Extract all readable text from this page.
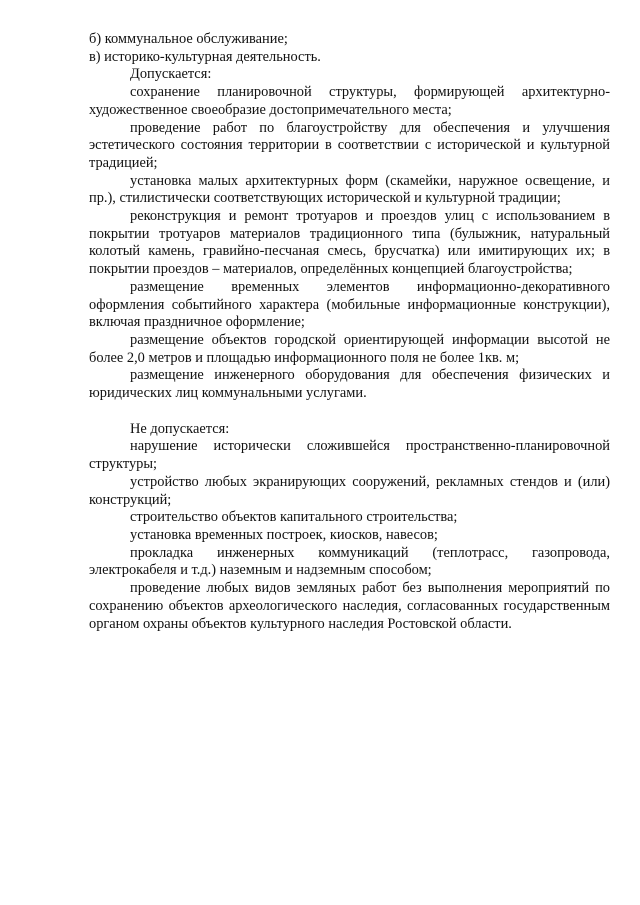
б) коммунальное обслуживание;

в) историко-культурная деятельность.

Допускается:

сохранение планировочной структуры, формирующей архитектурно-художественное своеобразие достопримечательного места;

проведение работ по благоустройству для обеспечения и улучшения эстетического состояния территории в соответствии с исторической и культурной традицией;

установка малых архитектурных форм (скамейки, наружное освещение, и пр.), стилистически соответствующих исторической и культурной традиции;

реконструкция и ремонт тротуаров и проездов улиц с использованием в покрытии тротуаров материалов традиционного типа (булыжник, натуральный колотый камень, гравийно-песчаная смесь, брусчатка) или имитирующих их; в покрытии проездов – материалов, определённых концепцией благоустройства;

размещение временных элементов информационно-декоративного оформления событийного характера (мобильные информационные конструкции), включая праздничное оформление;

размещение объектов городской ориентирующей информации высотой не более 2,0 метров и площадью информационного поля не более 1кв. м;

размещение инженерного оборудования для обеспечения физических и юридических лиц коммунальными услугами.

Не допускается:

нарушение исторически сложившейся пространственно-планировочной структуры;

устройство любых экранирующих сооружений, рекламных стендов и (или) конструкций;

строительство объектов капитального строительства;

установка временных построек, киосков, навесов;

прокладка инженерных коммуникаций (теплотрасс, газопровода, электрокабеля и т.д.) наземным и надземным способом;

проведение любых видов земляных работ без выполнения мероприятий по сохранению объектов археологического наследия, согласованных государственным органом охраны объектов культурного наследия Ростовской области.
